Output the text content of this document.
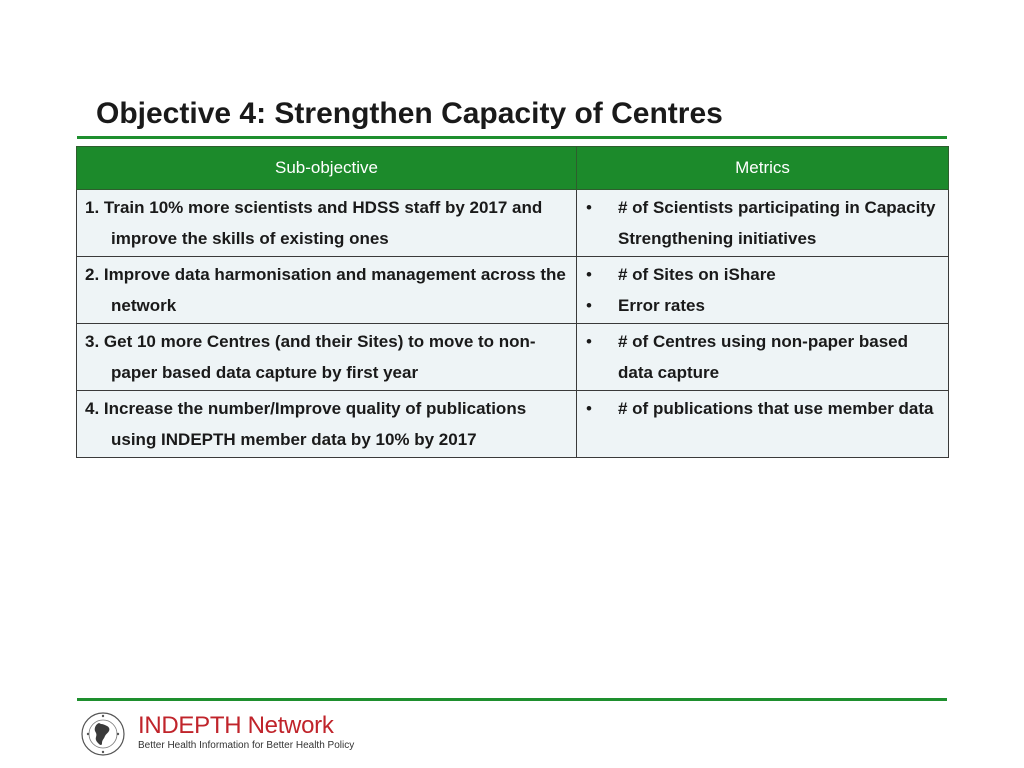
Objective 4: Strengthen Capacity of Centres
Sub-objective	Metrics

1. Train 10% more scientists and HDSS staff by 2017 and improve the skills of existing ones	• # of Scientists participating in Capacity Strengthening initiatives

2. Improve data harmonisation and management across the network	• # of Sites on iShare
• Error rates

3. Get 10 more Centres (and their Sites) to move to non-paper based data capture by first year	• # of Centres using non-paper based data capture

4. Increase the number/Improve quality of publications using INDEPTH member data by 10% by 2017	• # of publications that use member data
INDEPTH Network
Better Health Information for Better Health Policy
